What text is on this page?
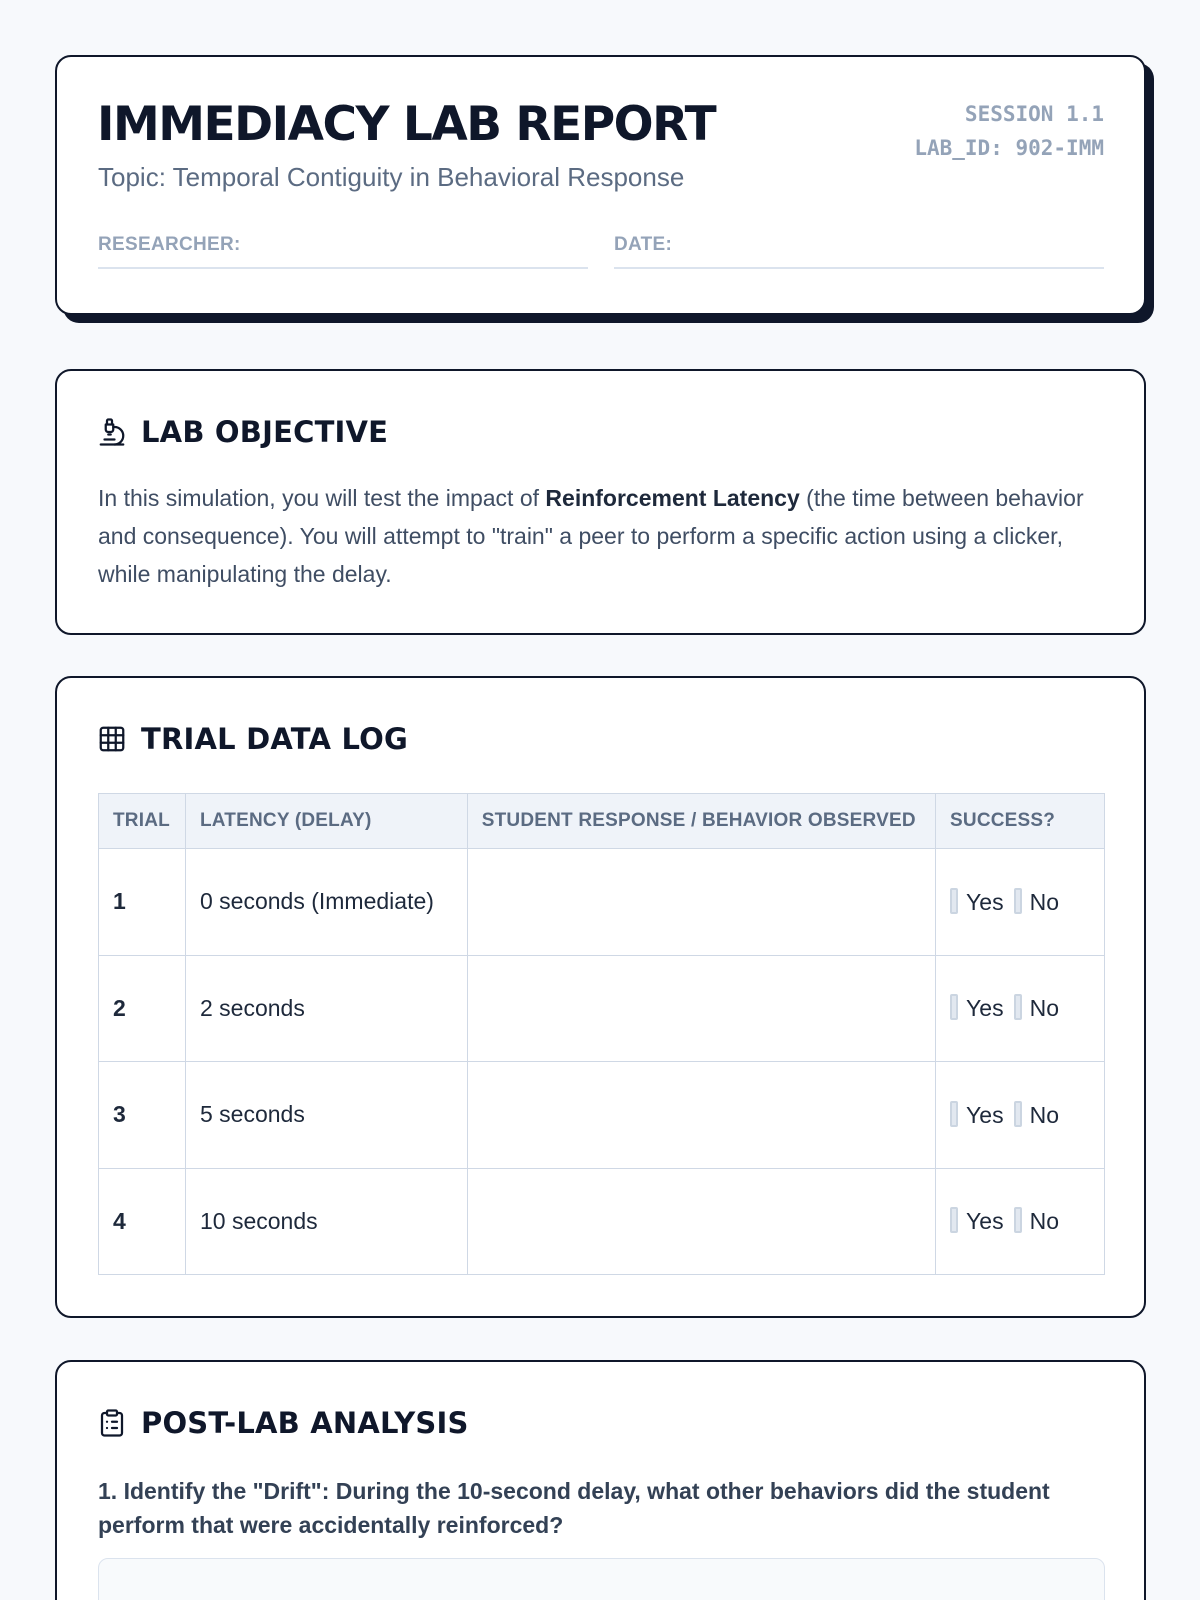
IMMEDIACY LAB REPORT
Topic: Temporal Contiguity in Behavioral Response
SESSION 1.1
LAB_ID: 902-IMM
RESEARCHER:	DATE:
LAB OBJECTIVE
In this simulation, you will test the impact of Reinforcement Latency (the time between behavior and consequence). You will attempt to "train" a peer to perform a specific action using a clicker, while manipulating the delay.
TRIAL DATA LOG
TRIAL	LATENCY (DELAY)	STUDENT RESPONSE / BEHAVIOR OBSERVED	SUCCESS?
1	0 seconds (Immediate)		Yes No
2	2 seconds		Yes No
3	5 seconds		Yes No
4	10 seconds		Yes No
POST-LAB ANALYSIS
1. Identify the "Drift": During the 10-second delay, what other behaviors did the student perform that were accidentally reinforced?
